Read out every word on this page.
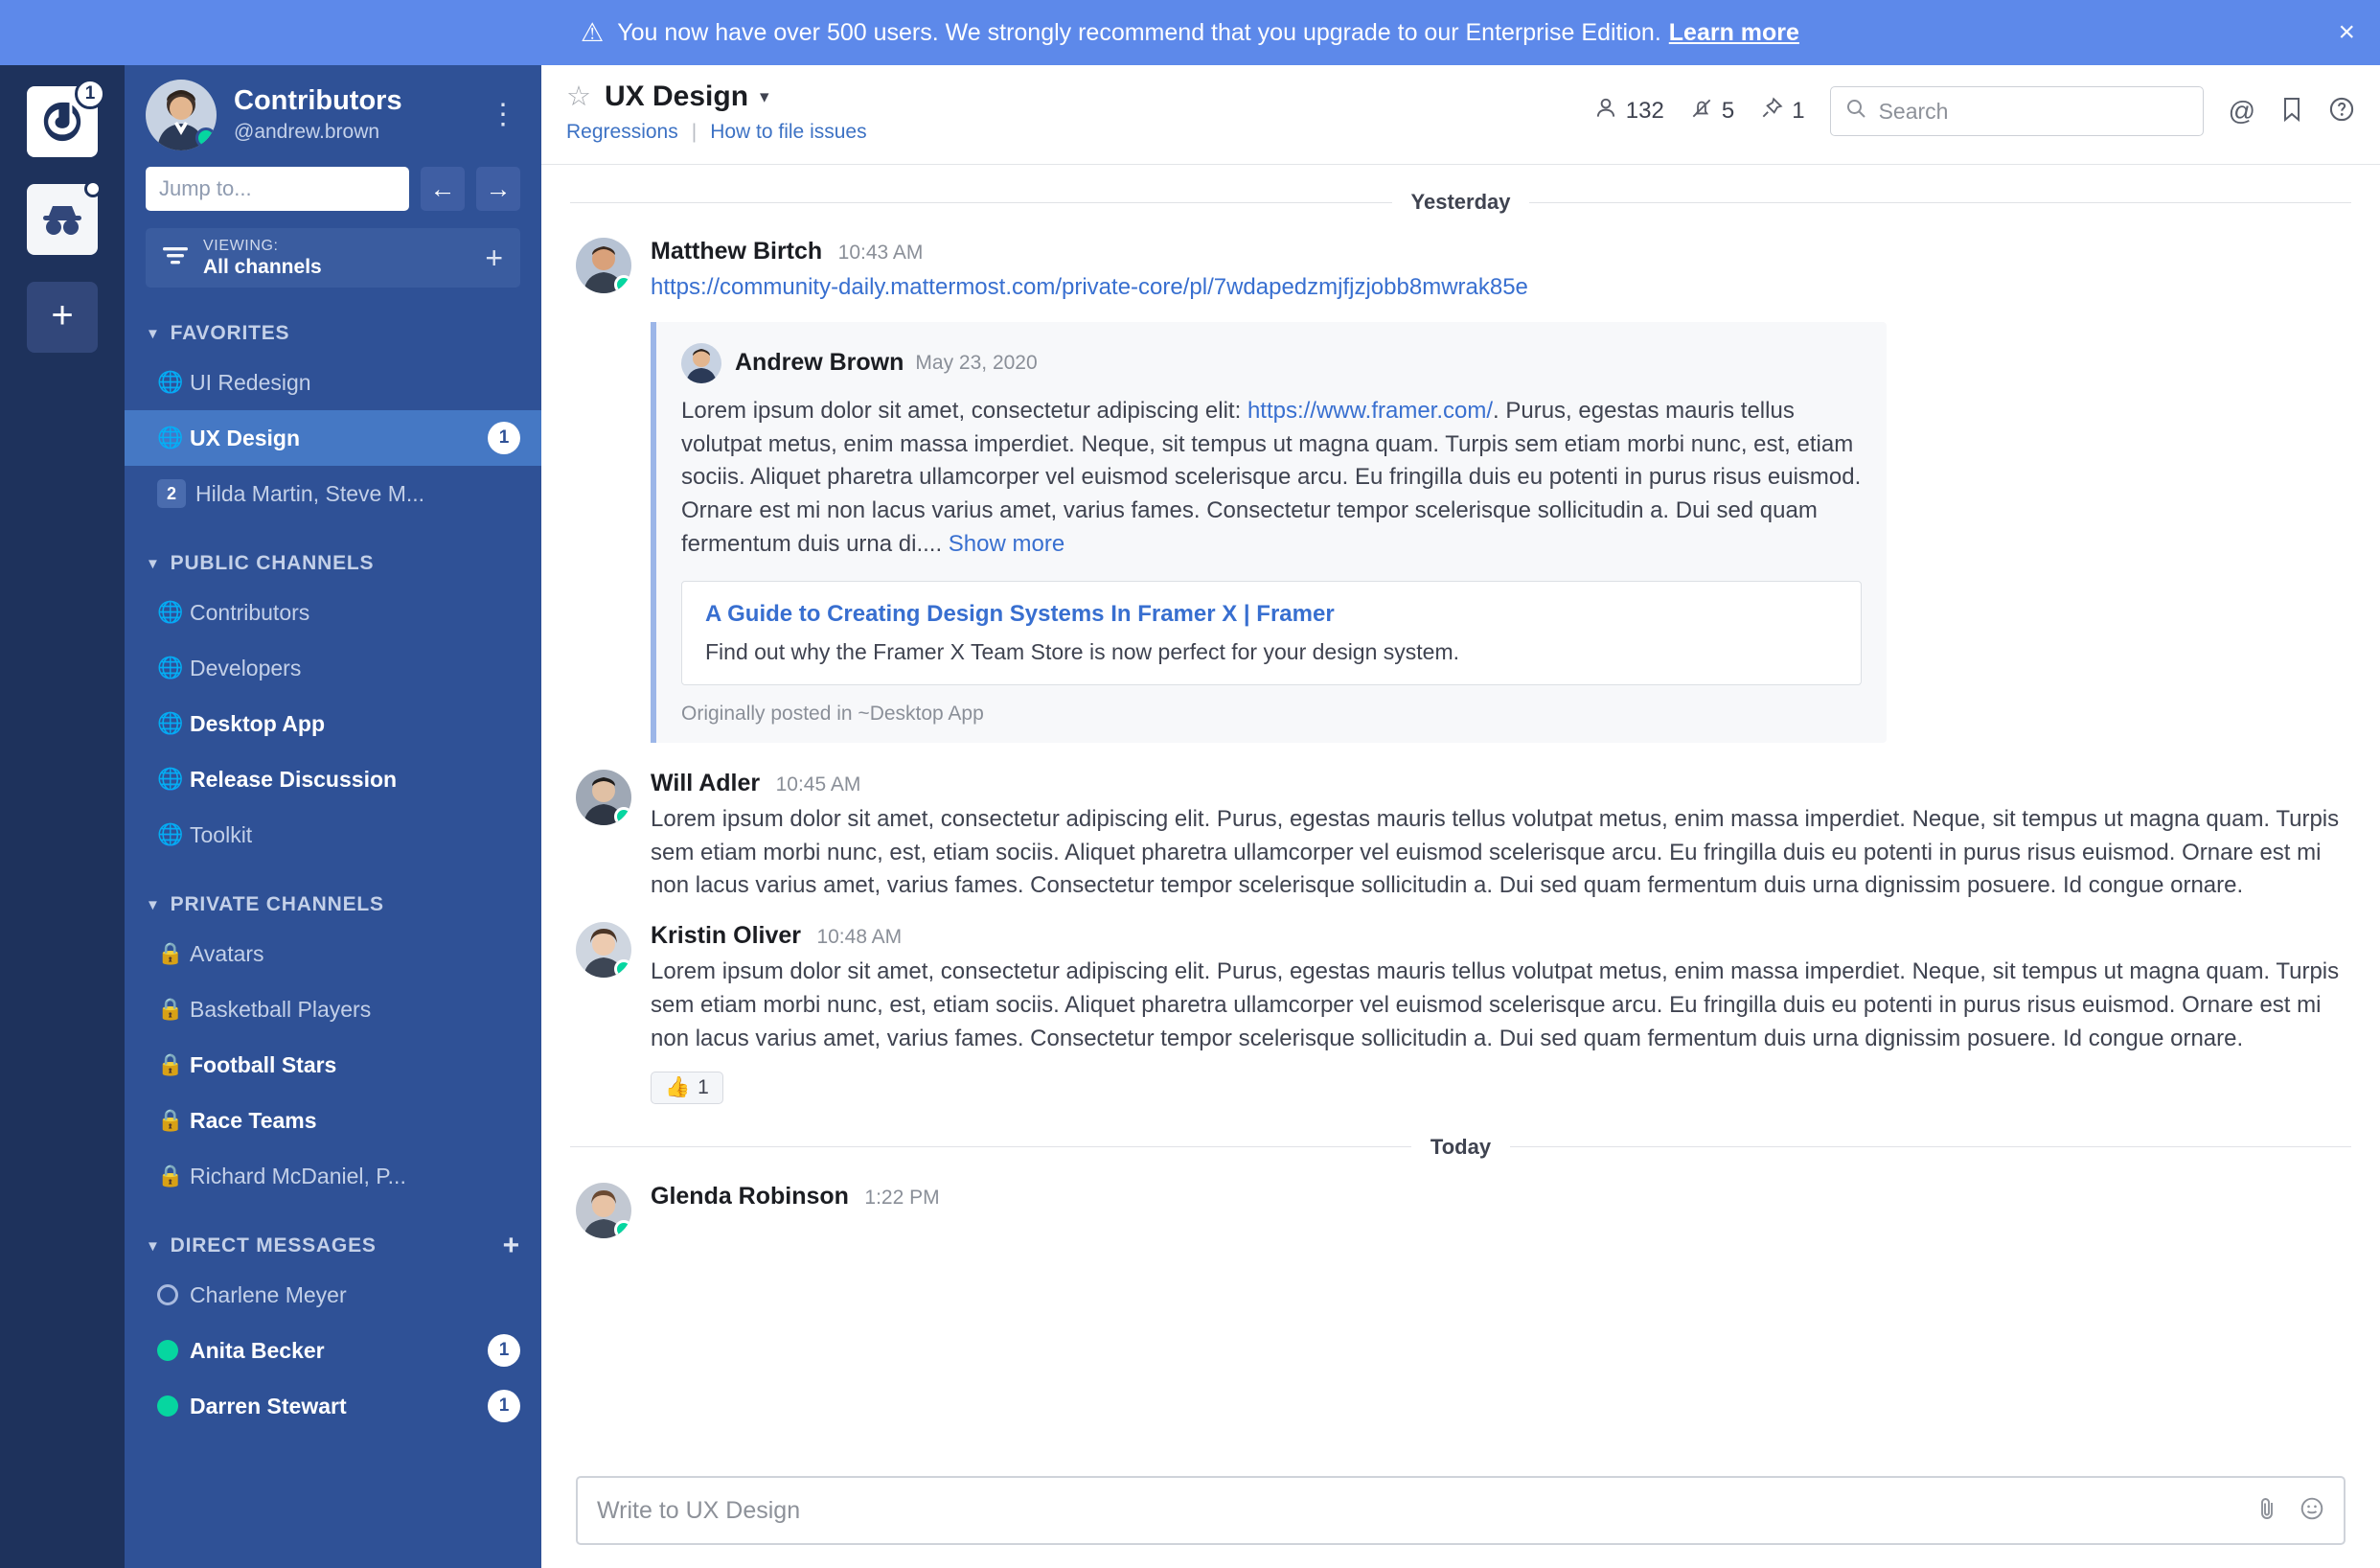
⚠ You now have over 500 users. We strongly recommend that you upgrade to our Enterprise Edition. Learn more	×
1
+
Contributors
@andrew.brown
⋮
Jump to...	←	→
VIEWING:
All channels	+
▼ FAVORITES
🌐 UI Redesign
🌐 UX Design	1
2 Hilda Martin, Steve M...
▼ PUBLIC CHANNELS
🌐 Contributors
🌐 Developers
🌐 Desktop App
🌐 Release Discussion
🌐 Toolkit
▼ PRIVATE CHANNELS
🔒 Avatars
🔒 Basketball Players
🔒 Football Stars
🔒 Race Teams
🔒 Richard McDaniel, P...
▼ DIRECT MESSAGES	+
Charlene Meyer
Anita Becker	1
Darren Stewart	1
☆ UX Design ▾
Regressions | How to file issues
132	5	1	Search	@
Yesterday
Matthew Birtch 10:43 AM
https://community-daily.mattermost.com/private-core/pl/7wdapedzmjfjzjobb8mwrak85e
Andrew Brown May 23, 2020
Lorem ipsum dolor sit amet, consectetur adipiscing elit: https://www.framer.com/. Purus, egestas mauris tellus volutpat metus, enim massa imperdiet. Neque, sit tempus ut magna quam. Turpis sem etiam morbi nunc, est, etiam sociis. Aliquet pharetra ullamcorper vel euismod scelerisque arcu. Eu fringilla duis eu potenti in purus risus euismod. Ornare est mi non lacus varius amet, varius fames. Consectetur tempor scelerisque sollicitudin a. Dui sed quam fermentum duis urna di.... Show more
A Guide to Creating Design Systems In Framer X | Framer
Find out why the Framer X Team Store is now perfect for your design system.
Originally posted in ~Desktop App
Will Adler 10:45 AM
Lorem ipsum dolor sit amet, consectetur adipiscing elit. Purus, egestas mauris tellus volutpat metus, enim massa imperdiet. Neque, sit tempus ut magna quam. Turpis sem etiam morbi nunc, est, etiam sociis. Aliquet pharetra ullamcorper vel euismod scelerisque arcu. Eu fringilla duis eu potenti in purus risus euismod. Ornare est mi non lacus varius amet, varius fames. Consectetur tempor scelerisque sollicitudin a. Dui sed quam fermentum duis urna dignissim posuere. Id congue ornare.
Kristin Oliver 10:48 AM
Lorem ipsum dolor sit amet, consectetur adipiscing elit. Purus, egestas mauris tellus volutpat metus, enim massa imperdiet. Neque, sit tempus ut magna quam. Turpis sem etiam morbi nunc, est, etiam sociis. Aliquet pharetra ullamcorper vel euismod scelerisque arcu. Eu fringilla duis eu potenti in purus risus euismod. Ornare est mi non lacus varius amet, varius fames. Consectetur tempor scelerisque sollicitudin a. Dui sed quam fermentum duis urna dignissim posuere. Id congue ornare.
👍 1
Today
Glenda Robinson 1:22 PM
Write to UX Design
